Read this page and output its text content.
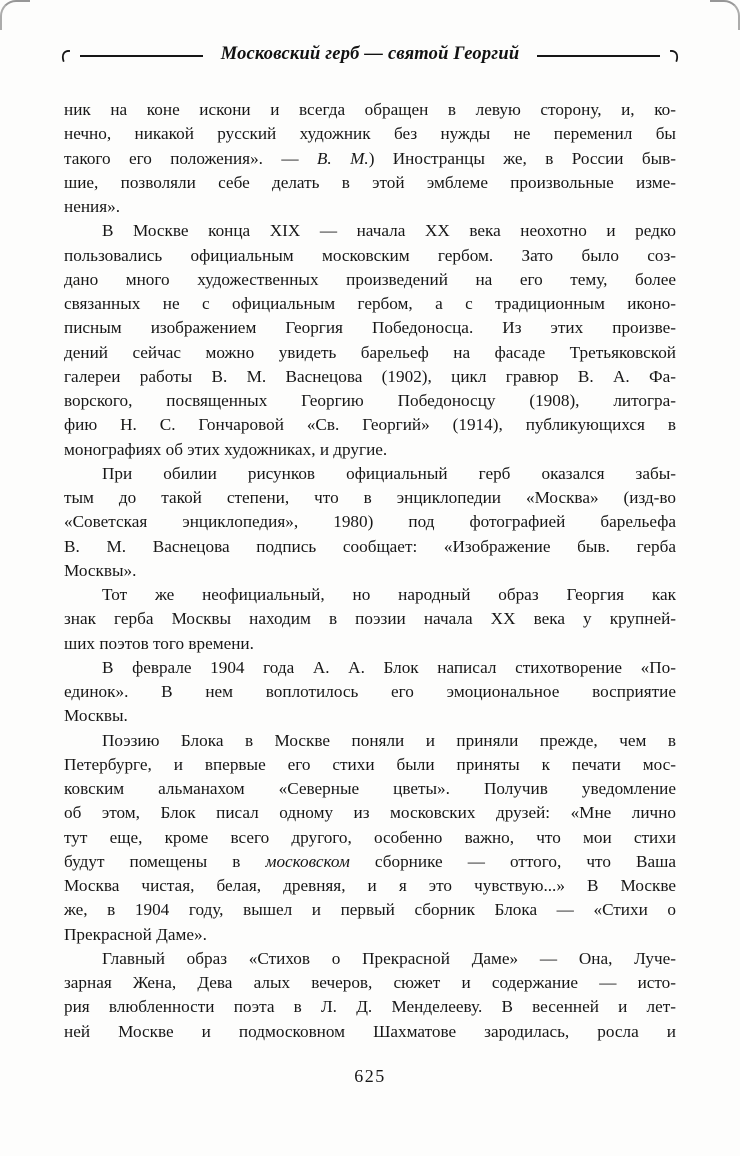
Московский герб — святой Георгий
ник на коне искони и всегда обращен в левую сторону, и, ко-
нечно, никакой русский художник без нужды не переменил бы
такого его положения». — В. М.) Иностранцы же, в России быв-
шие, позволяли себе делать в этой эмблеме произвольные изме-
нения».
В Москве конца XIX — начала XX века неохотно и редко
пользовались официальным московским гербом. Зато было соз-
дано много художественных произведений на его тему, более
связанных не с официальным гербом, а с традиционным иконо-
писным изображением Георгия Победоносца. Из этих произве-
дений сейчас можно увидеть барельеф на фасаде Третьяковской
галереи работы В. М. Васнецова (1902), цикл гравюр В. А. Фа-
ворского, посвященных Георгию Победоносцу (1908), литогра-
фию Н. С. Гончаровой «Св. Георгий» (1914), публикующихся в
монографиях об этих художниках, и другие.
При обилии рисунков официальный герб оказался забы-
тым до такой степени, что в энциклопедии «Москва» (изд-во
«Советская энциклопедия», 1980) под фотографией барельефа
В. М. Васнецова подпись сообщает: «Изображение быв. герба
Москвы».
Тот же неофициальный, но народный образ Георгия как
знак герба Москвы находим в поэзии начала XX века у крупней-
ших поэтов того времени.
В феврале 1904 года А. А. Блок написал стихотворение «По-
единок». В нем воплотилось его эмоциональное восприятие
Москвы.
Поэзию Блока в Москве поняли и приняли прежде, чем в
Петербурге, и впервые его стихи были приняты к печати мос-
ковским альманахом «Северные цветы». Получив уведомление
об этом, Блок писал одному из московских друзей: «Мне лично
тут еще, кроме всего другого, особенно важно, что мои стихи
будут помещены в московском сборнике — оттого, что Ваша
Москва чистая, белая, древняя, и я это чувствую...» В Москве
же, в 1904 году, вышел и первый сборник Блока — «Стихи о
Прекрасной Даме».
Главный образ «Стихов о Прекрасной Даме» — Она, Луче-
зарная Жена, Дева алых вечеров, сюжет и содержание — исто-
рия влюбленности поэта в Л. Д. Менделееву. В весенней и лет-
ней Москве и подмосковном Шахматове зародилась, росла и
625
